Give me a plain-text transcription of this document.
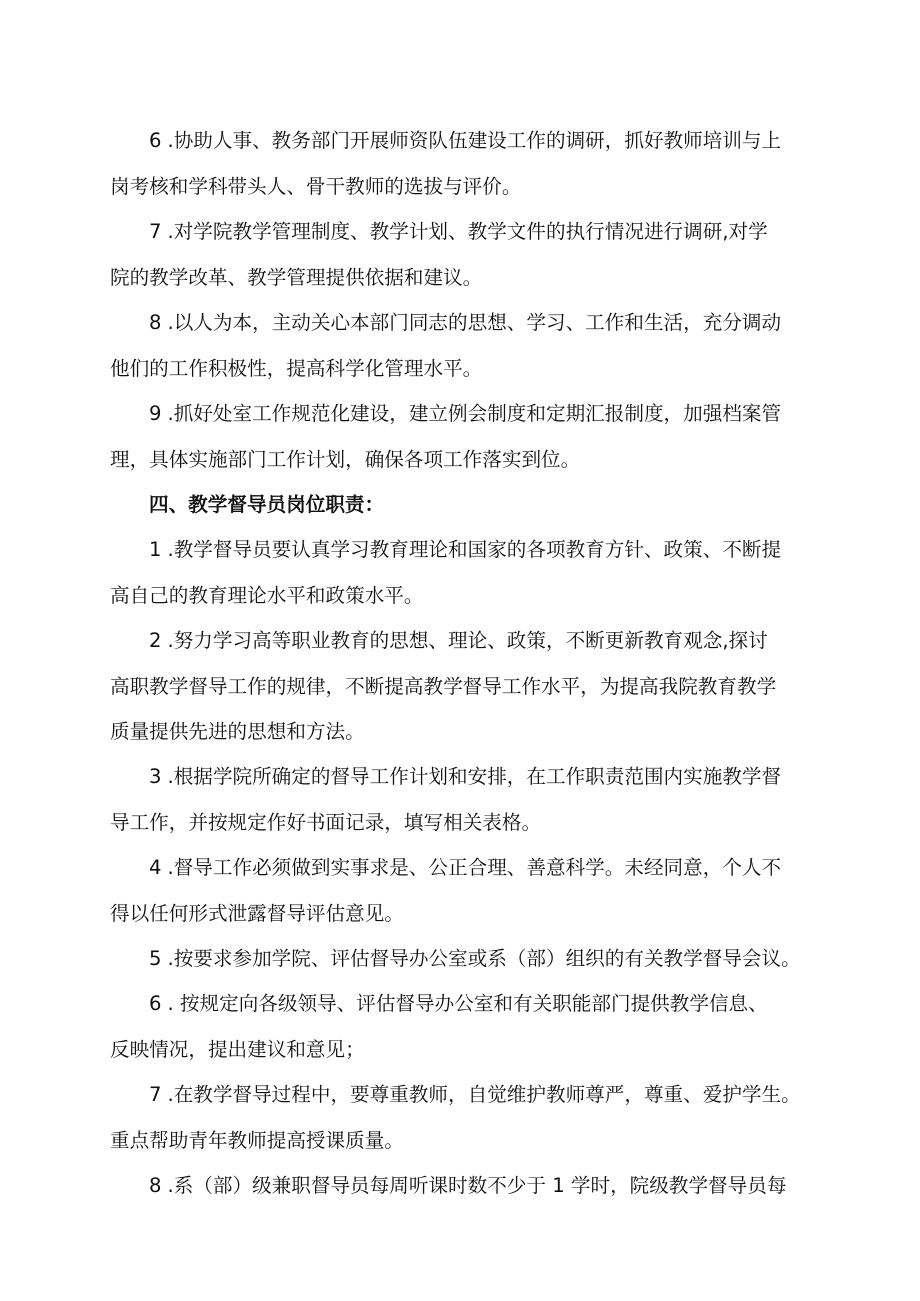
6 .协助人事、教务部门开展师资队伍建设工作的调研，抓好教师培训与上
岗考核和学科带头人、骨干教师的选拔与评价。
7 .对学院教学管理制度、教学计划、教学文件的执行情况进行调研,对学
院的教学改革、教学管理提供依据和建议。
8 .以人为本，主动关心本部门同志的思想、学习、工作和生活，充分调动
他们的工作积极性，提高科学化管理水平。
9 .抓好处室工作规范化建设，建立例会制度和定期汇报制度，加强档案管
理，具体实施部门工作计划，确保各项工作落实到位。
四、教学督导员岗位职责：
1 .教学督导员要认真学习教育理论和国家的各项教育方针、政策、不断提
高自己的教育理论水平和政策水平。
2 .努力学习高等职业教育的思想、理论、政策，不断更新教育观念,探讨
高职教学督导工作的规律，不断提高教学督导工作水平，为提高我院教育教学
质量提供先进的思想和方法。
3 .根据学院所确定的督导工作计划和安排，在工作职责范围内实施教学督
导工作，并按规定作好书面记录，填写相关表格。
4 .督导工作必须做到实事求是、公正合理、善意科学。未经同意，个人不
得以任何形式泄露督导评估意见。
5 .按要求参加学院、评估督导办公室或系（部）组织的有关教学督导会议。
6 . 按规定向各级领导、评估督导办公室和有关职能部门提供教学信息、
反映情况，提出建议和意见；
7 .在教学督导过程中，要尊重教师，自觉维护教师尊严，尊重、爱护学生。
重点帮助青年教师提高授课质量。
8 .系（部）级兼职督导员每周听课时数不少于 1 学时，院级教学督导员每
